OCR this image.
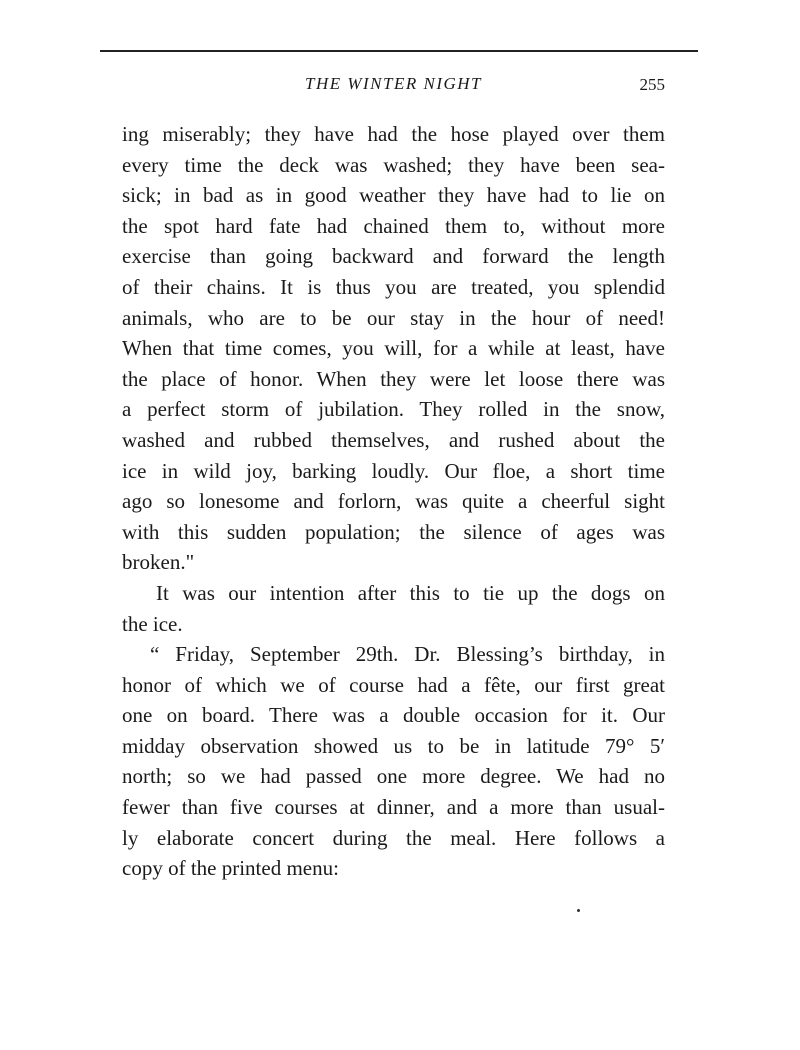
THE WINTER NIGHT	255
ing miserably; they have had the hose played over them
every time the deck was washed; they have been sea-
sick; in bad as in good weather they have had to lie on
the spot hard fate had chained them to, without more
exercise than going backward and forward the length
of their chains. It is thus you are treated, you splendid
animals, who are to be our stay in the hour of need!
When that time comes, you will, for a while at least, have
the place of honor. When they were let loose there was
a perfect storm of jubilation. They rolled in the snow,
washed and rubbed themselves, and rushed about the
ice in wild joy, barking loudly. Our floe, a short time
ago so lonesome and forlorn, was quite a cheerful sight
with this sudden population; the silence of ages was
broken."
It was our intention after this to tie up the dogs on
the ice.
“ Friday, September 29th. Dr. Blessing’s birthday, in
honor of which we of course had a fête, our first great
one on board. There was a double occasion for it. Our
midday observation showed us to be in latitude 79° 5′
north; so we had passed one more degree. We had no
fewer than five courses at dinner, and a more than usual-
ly elaborate concert during the meal. Here follows a
copy of the printed menu:
